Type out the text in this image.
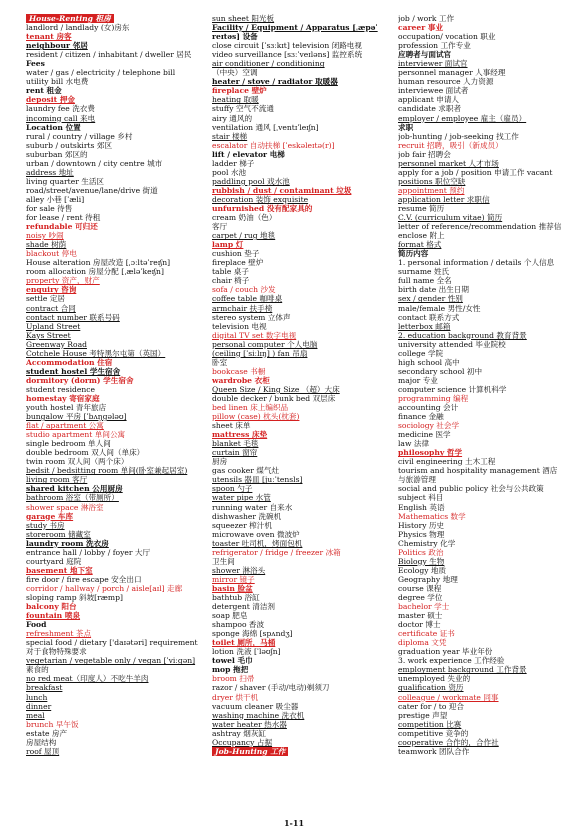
House-Renting 租房
landlord / landlady (女)房东
tenant 房客
neighbour 邻居
resident / citizen / inhabitant / dweller 居民
Fees
water / gas / electricity / telephone bill
utility bill 水电费
rent 租金
deposit 押金
laundry fee 洗衣费
incoming call 来电
Location 位置
rural / country / village 乡村
suburb / outskirts 郊区
suburban 郊区的
urban / downtown / city centre 城市
address 地址
living quarter 生活区
road/street/avenue/lane/drive 街道
alley 小巷 [ˈæli]
for sale 待售
for lease / rent 待租
refundable 可归还
noisy 吵闹
shade 树荫
blackout 停电
House alteration 房屋改造 [ˌɔːltəˈreɪʃn]
room allocation 房屋分配 [ˌæləˈkeɪʃn]
property 资产，财产
enquiry 咨询
settle 定居
contract 合同
contact number 联系号码
Upland Street
Kays Street
Greenway Road
Cotchele House 考特黑尔屯第（英国）
Accommodation 住宿
student hostel 学生宿舍
dormitory (dorm) 学生宿舍
student residence
homestay 寄宿家庭
youth hostel 青年旅店
bungalow 平房 [ˈbʌŋɡələʊ]
flat / apartment 公寓
studio apartment 单间公寓
single bedroom 单人间
double bedroom 双人间（单床）
twin room 双人间（两个床）
bedsit / bedsitting room 单间(卧室兼起居室)
living room 客厅
shared kitchen 公用厨房
bathroom 浴室（带厕所）
shower space 淋浴室
garage 车库
study 书房
storeroom 储藏室
laundry room 洗衣房
entrance hall / lobby / foyer 大厅
courtyard 庭院
basement 地下室
fire door / fire escape 安全出口
corridor / hallway / porch / aisle[aɪl] 走廊
sloping ramp 斜坡[ræmp]
balcony 阳台
fountain 喷泉
Food
refreshment 茶点
special food / dietary ['daɪətəri] requirement
对于食物特殊要求
vegetarian / vegetable only / vegan [ˈviːɡən]
素食的
no red meat（印度人）不吃牛羊肉
breakfast
lunch
dinner
meal
brunch 早午饭
estate 房产
房屋结构
roof 屋顶
sun sheet 阳光板
Facility / Equipment / Apparatus [ˌæpəˈ
reɪtəs] 设备
close circuit [ˈsɜːkɪt] television 闭路电视
video surveillance [sɜːˈveɪləns] 监控系统
air conditioner / conditioning
（中央）空调
heater / stove / radiator 取暖器
fireplace 壁炉
heating 取暖
stuffy 空气不流通
airy 通风的
ventilation 通风 [ˌventɪˈleɪʃn]
stair 楼梯
escalator 自动扶梯 [ˈeskəleɪtə(r)]
lift / elevator 电梯
ladder 梯子
pool 水池
paddling pool 戏水池
rubbish / dust / contaminant 垃圾
decoration 装饰 exquisite
unfurnished 没有配家具的
cream 奶油（色）
客厅
carpet / rug 地毯
lamp 灯
cushion 垫子
fireplace 壁炉
table 桌子
chair 椅子
sofa / couch 沙发
coffee table 咖啡桌
armchair 扶手椅
stereo system 立体声
television 电视
digital TV set 数字电视
personal computer 个人电脑
(ceiling [ˈsiːlɪŋ] ) fan 吊扇
卧室
bookcase 书橱
wardrobe 衣柜
Queen Size / King Size （超）大床
double decker / bunk bed 双层床
bed linen 床上编织品
pillow (case) 枕头(枕套)
sheet 床单
mattress 床垫
blanket 毛毯
curtain 窗帘
厨房
gas cooker 煤气灶
utensils 器皿 [juːˈtensls]
spoon 勺子
water pipe 水管
running water 自来水
dishwasher 洗碗机
squeezer 榨汁机
microwave oven 微波炉
toaster 吐司机，烤面包机
refrigerator / fridge / freezer 冰箱
卫生间
shower 淋浴头
mirror 镜子
basin 脸盆
bathtub 浴缸
detergent 清洁剂
soap 肥皂
shampoo 香波
sponge 海绵 [spʌndʒ]
toilet 厕所，马桶
lotion 洗液 [ˈləʊʃn]
towel 毛巾
mop 拖把
broom 扫帚
razor / shaver (手动/电动)剃须刀
dryer 烘干机
vacuum cleaner 吸尘器
washing machine 洗衣机
water heater 热水器
ashtray 烟灰缸
Occupancy 占据
Job-Hunting 工作
job / work 工作
career 事业
occupation/ vocation 职业
profession 工作专业
应聘者与面试官
interviewer 面试官
personnel manager 人事经理
human resource 人力资源
interviewee 面试者
applicant 申请人
candidate 求职者
employer / employee 雇主（雇员）
求职
job-hunting / job-seeking 找工作
recruit 招聘，吸引（新成员）
job fair 招聘会
personnel market 人才市场
apply for a job / position 申请工作 vacant
positions 职位空缺
appointment 预约
application letter 求职信
resume 简历
C.V. (curriculum vitae) 简历
letter of reference/recommendation 推荐信
enclose 附上
format 格式
简历内容
1. personal information / details 个人信息
surname 姓氏
full name 全名
birth date 出生日期
sex / gender 性别
male/female 男性/女性
contact 联系方式
letterbox 邮箱
2. education background 教育背景
university attended 毕业院校
college 学院
high school 高中
secondary school 初中
major 专业
computer science 计算机科学
programming 编程
accounting 会计
finance 金融
sociology 社会学
medicine 医学
law 法律
philosophy 哲学
civil engineering 土木工程
tourism and hospitality management 酒店
与旅游管理
social and public policy 社会与公共政策
subject 科目
English 英语
Mathematics 数学
History 历史
Physics 物理
Chemistry 化学
Politics 政治
Biology 生物
Ecology 地质
Geography 地理
course 课程
degree 学位
bachelor 学士
master 硕士
doctor 博士
certificate 证书
diploma 文凭
graduation year 毕业年份
3. work experience 工作经验
employment background 工作背景
unemployed 失业的
qualification 资历
colleague / workmate 同事
cater for / to 迎合
prestige 声望
competition 比赛
competitive 竞争的
cooperative 合作的，合作社
teamwork 团队合作
1-11
